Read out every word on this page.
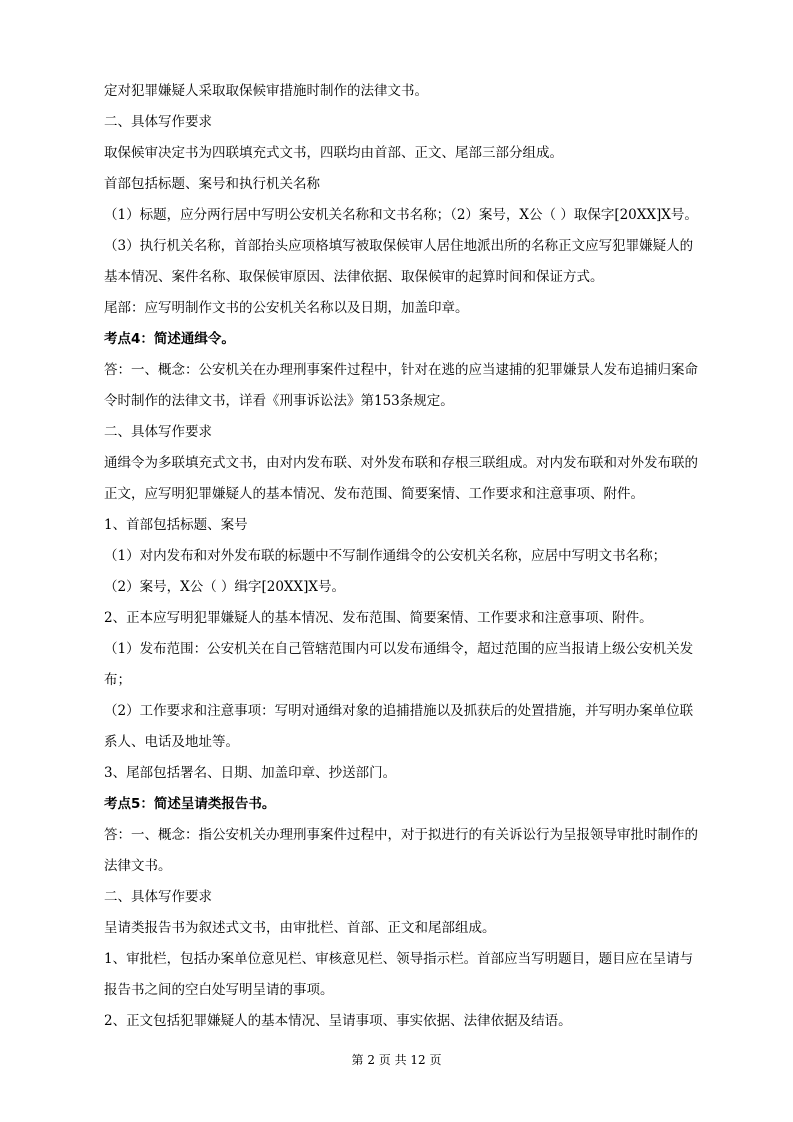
定对犯罪嫌疑人采取取保候审措施时制作的法律文书。
二、具体写作要求
取保候审决定书为四联填充式文书，四联均由首部、正文、尾部三部分组成。
首部包括标题、案号和执行机关名称
（1）标题，应分两行居中写明公安机关名称和文书名称；（2）案号，X公（ ）取保字[20XX]X号。
（3）执行机关名称，首部抬头应项格填写被取保候审人居住地派出所的名称正文应写犯罪嫌疑人的
基本情况、案件名称、取保候审原因、法律依据、取保候审的起算时间和保证方式。
尾部：应写明制作文书的公安机关名称以及日期，加盖印章。
考点4：简述通缉令。
答：一、概念：公安机关在办理刑事案件过程中，针对在逃的应当逮捕的犯罪嫌景人发布追捕归案命
令时制作的法律文书，详看《刑事诉讼法》第153条规定。
二、具体写作要求
通缉令为多联填充式文书，由对内发布联、对外发布联和存根三联组成。对内发布联和对外发布联的
正文，应写明犯罪嫌疑人的基本情况、发布范围、简要案情、工作要求和注意事项、附件。
1、首部包括标题、案号
（1）对内发布和对外发布联的标题中不写制作通缉令的公安机关名称，应居中写明文书名称；
（2）案号，X公（ ）缉字[20XX]X号。
2、正本应写明犯罪嫌疑人的基本情况、发布范围、简要案情、工作要求和注意事项、附件。
（1）发布范围：公安机关在自己管辖范围内可以发布通缉令，超过范围的应当报请上级公安机关发
布；
（2）工作要求和注意事项：写明对通缉对象的追捕措施以及抓获后的处置措施，并写明办案单位联
系人、电话及地址等。
3、尾部包括署名、日期、加盖印章、抄送部门。
考点5：简述呈请类报告书。
答：一、概念：指公安机关办理刑事案件过程中，对于拟进行的有关诉讼行为呈报领导审批时制作的
法律文书。
二、具体写作要求
呈请类报告书为叙述式文书，由审批栏、首部、正文和尾部组成。
1、审批栏，包括办案单位意见栏、审核意见栏、领导指示栏。首部应当写明题目，题目应在呈请与
报告书之间的空白处写明呈请的事项。
2、正文包括犯罪嫌疑人的基本情况、呈请事项、事实依据、法律依据及结语。
第 2 页 共 12 页
